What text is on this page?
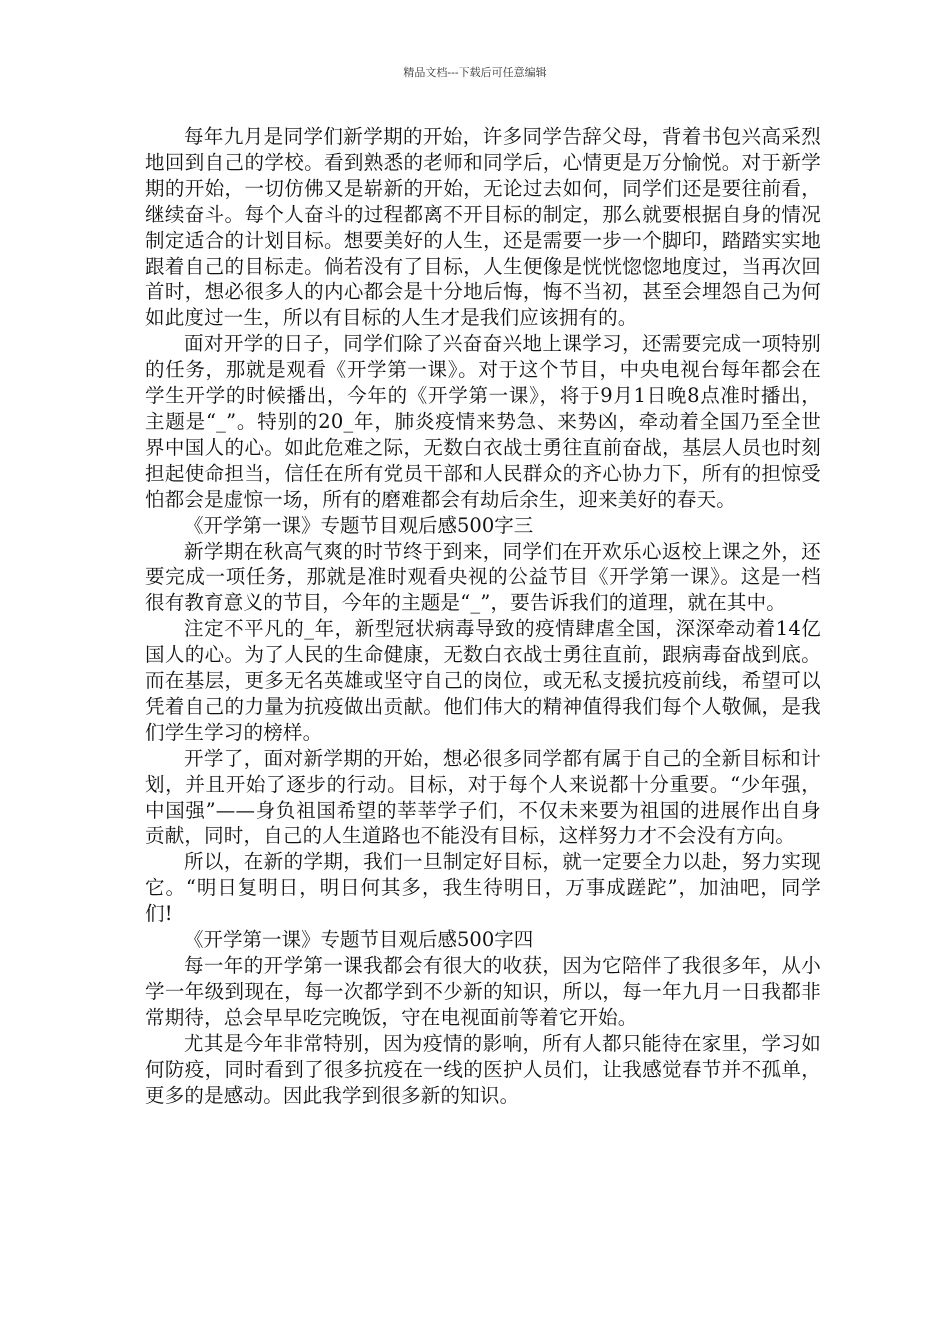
精品文档---下载后可任意编辑

每年九月是同学们新学期的开始，许多同学告辞父母，背着书包兴高采烈地回到自己的学校。看到熟悉的老师和同学后，心情更是万分愉悦。对于新学期的开始，一切仿佛又是崭新的开始，无论过去如何，同学们还是要往前看，继续奋斗。每个人奋斗的过程都离不开目标的制定，那么就要根据自身的情况制定适合的计划目标。想要美好的人生，还是需要一步一个脚印，踏踏实实地跟着自己的目标走。倘若没有了目标，人生便像是恍恍惚惚地度过，当再次回首时，想必很多人的内心都会是十分地后悔，悔不当初，甚至会埋怨自己为何如此度过一生，所以有目标的人生才是我们应该拥有的。

面对开学的日子，同学们除了兴奋奋兴地上课学习，还需要完成一项特别的任务，那就是观看《开学第一课》。对于这个节目，中央电视台每年都会在学生开学的时候播出，今年的《开学第一课》，将于9月1日晚8点准时播出，主题是“_”。特别的20_年，肺炎疫情来势急、来势凶，牵动着全国乃至全世界中国人的心。如此危难之际，无数白衣战士勇往直前奋战，基层人员也时刻担起使命担当，信任在所有党员干部和人民群众的齐心协力下，所有的担惊受怕都会是虚惊一场，所有的磨难都会有劫后余生，迎来美好的春天。

《开学第一课》专题节目观后感500字三

新学期在秋高气爽的时节终于到来，同学们在开欢乐心返校上课之外，还要完成一项任务，那就是准时观看央视的公益节目《开学第一课》。这是一档很有教育意义的节目，今年的主题是“_”，要告诉我们的道理，就在其中。

注定不平凡的_年，新型冠状病毒导致的疫情肆虐全国，深深牵动着14亿国人的心。为了人民的生命健康，无数白衣战士勇往直前，跟病毒奋战到底。而在基层，更多无名英雄或坚守自己的岗位，或无私支援抗疫前线，希望可以凭着自己的力量为抗疫做出贡献。他们伟大的精神值得我们每个人敬佩，是我们学生学习的榜样。

开学了，面对新学期的开始，想必很多同学都有属于自己的全新目标和计划，并且开始了逐步的行动。目标，对于每个人来说都十分重要。“少年强，中国强”——身负祖国希望的莘莘学子们，不仅未来要为祖国的进展作出自身贡献，同时，自己的人生道路也不能没有目标，这样努力才不会没有方向。

所以，在新的学期，我们一旦制定好目标，就一定要全力以赴，努力实现它。“明日复明日，明日何其多，我生待明日，万事成蹉跎”，加油吧，同学们!

《开学第一课》专题节目观后感500字四

每一年的开学第一课我都会有很大的收获，因为它陪伴了我很多年，从小学一年级到现在，每一次都学到不少新的知识，所以，每一年九月一日我都非常期待，总会早早吃完晚饭，守在电视面前等着它开始。

尤其是今年非常特别，因为疫情的影响，所有人都只能待在家里，学习如何防疫，同时看到了很多抗疫在一线的医护人员们，让我感觉春节并不孤单，更多的是感动。因此我学到很多新的知识。
